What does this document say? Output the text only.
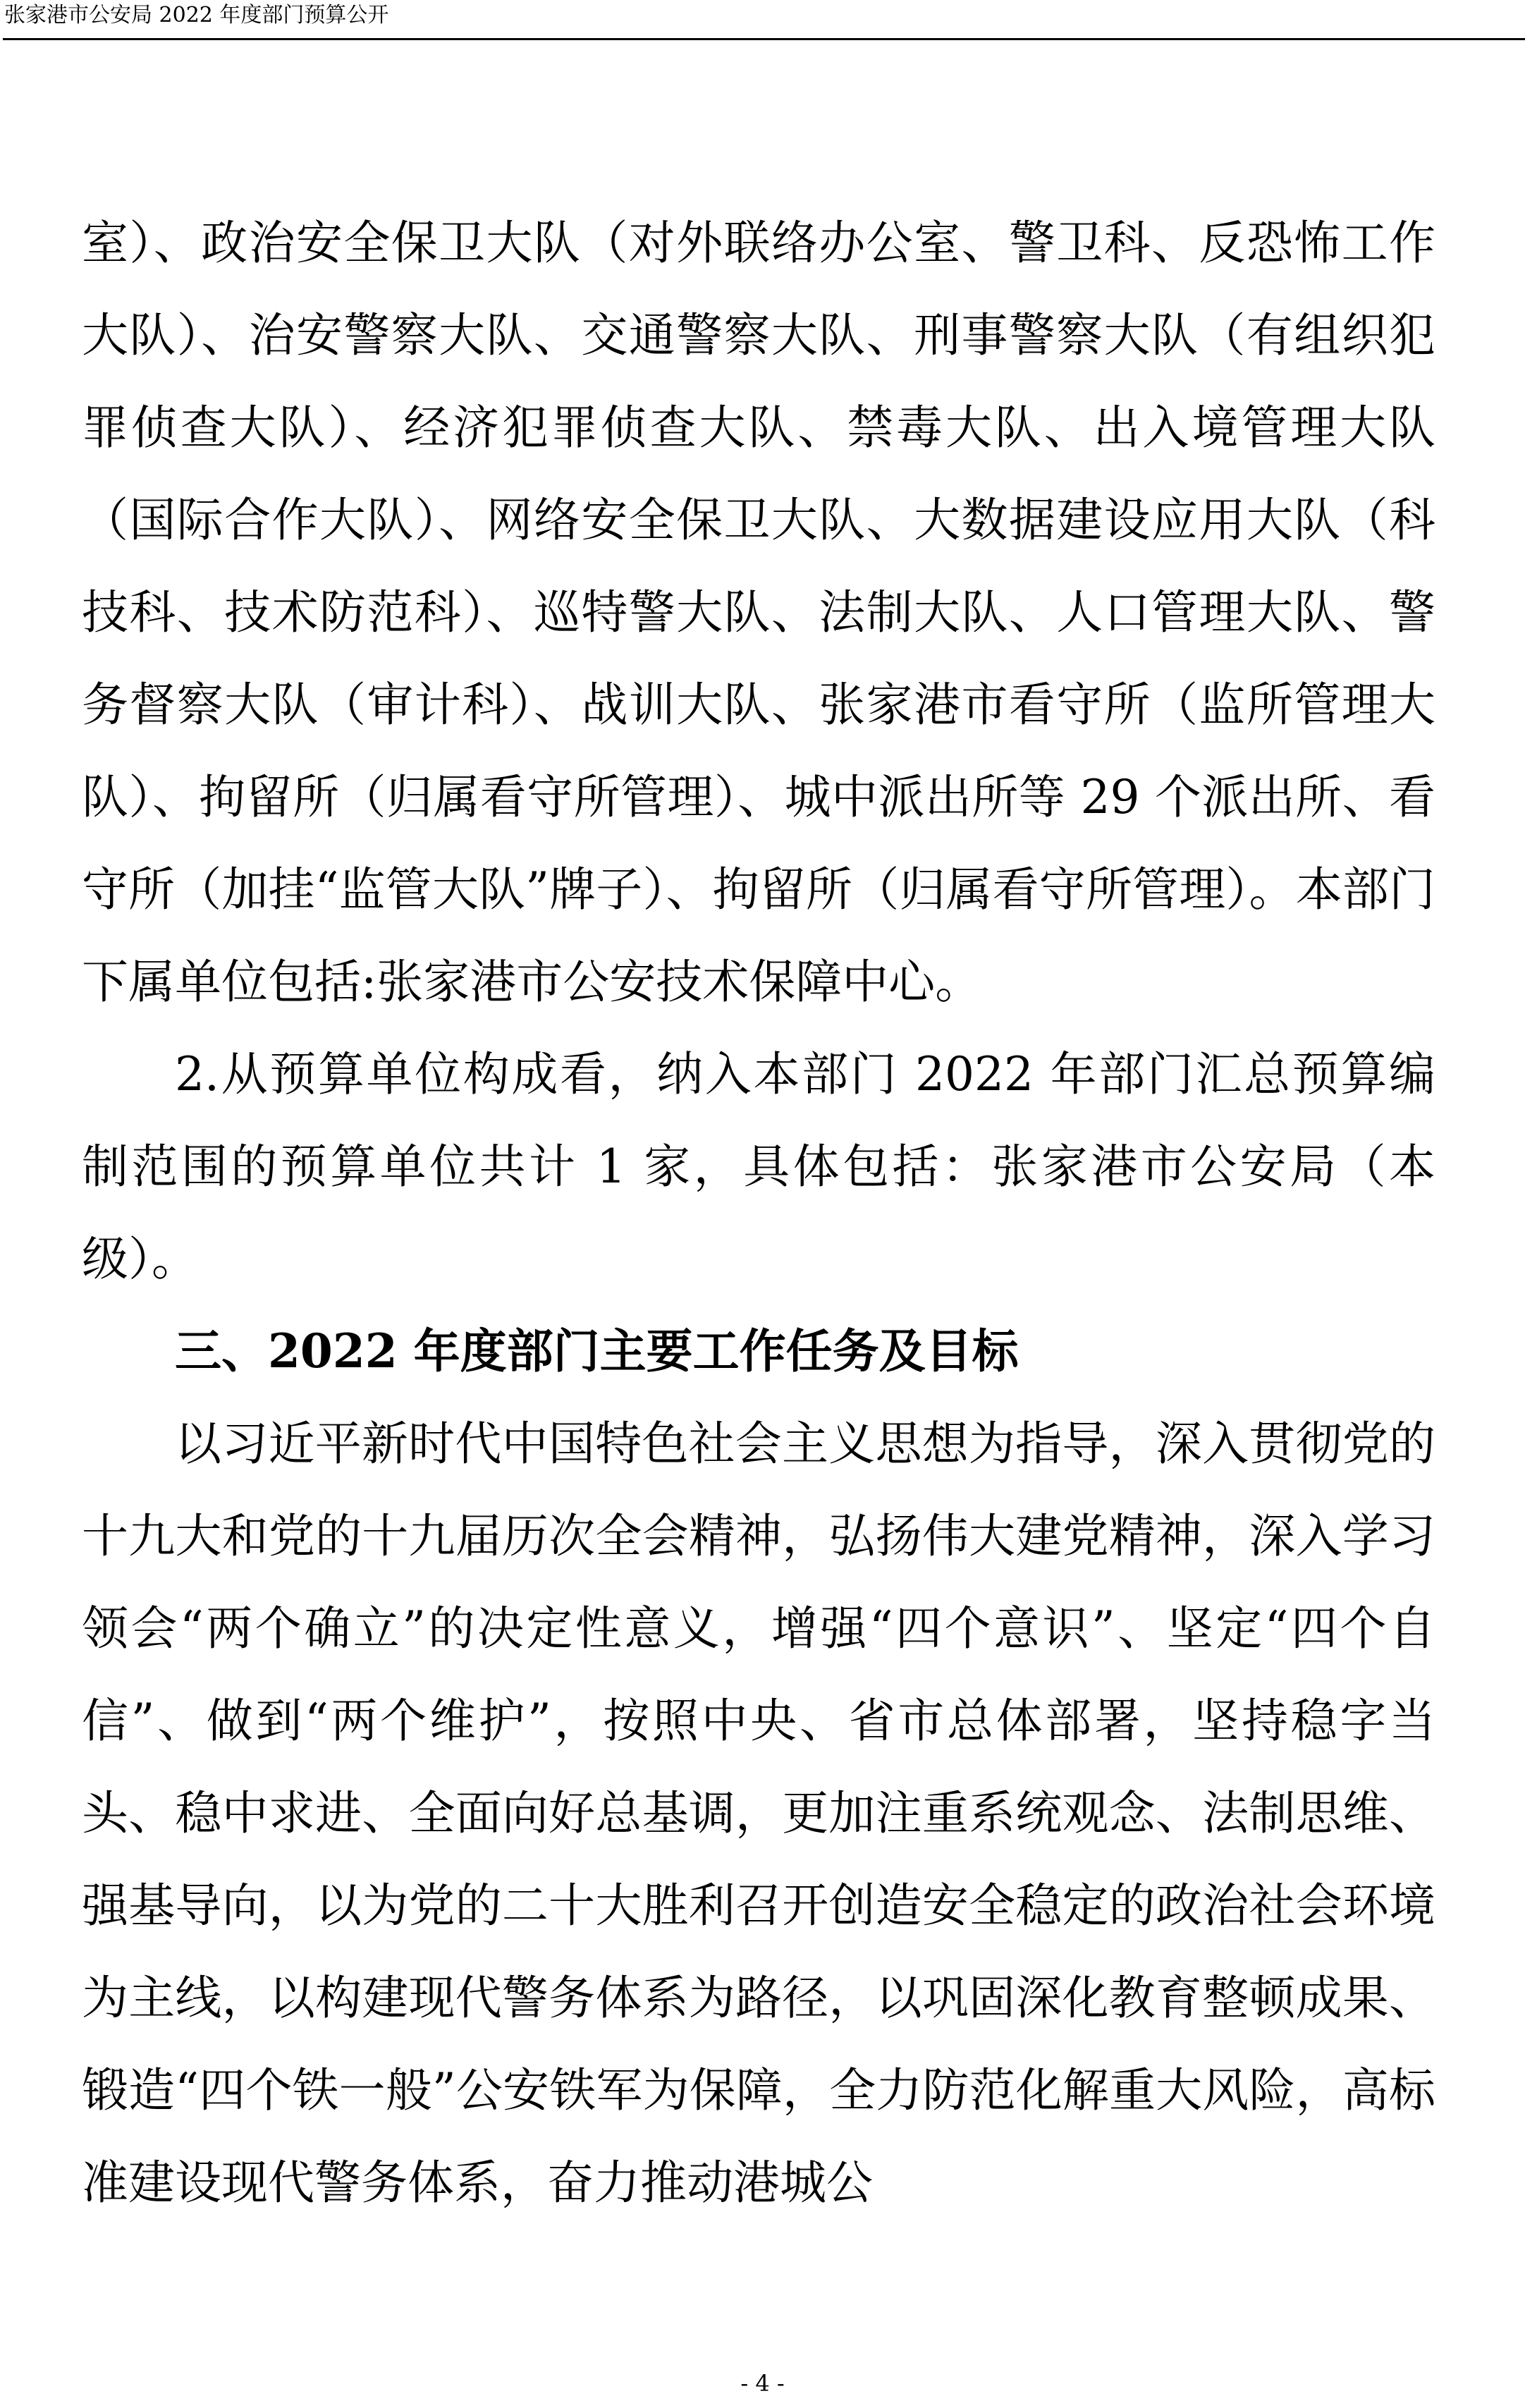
张家港市公安局 2022 年度部门预算公开

室）、政治安全保卫大队（对外联络办公室、警卫科、反恐怖工作大队）、治安警察大队、交通警察大队、刑事警察大队（有组织犯罪侦查大队）、经济犯罪侦查大队、禁毒大队、出入境管理大队（国际合作大队）、网络安全保卫大队、大数据建设应用大队（科技科、技术防范科）、巡特警大队、法制大队、人口管理大队、警务督察大队（审计科）、战训大队、张家港市看守所（监所管理大队）、拘留所（归属看守所管理）、城中派出所等 29 个派出所、看守所（加挂“监管大队”牌子）、拘留所（归属看守所管理）。本部门下属单位包括:张家港市公安技术保障中心。

2.从预算单位构成看，纳入本部门 2022 年部门汇总预算编制范围的预算单位共计 1 家，具体包括：张家港市公安局（本级）。

三、2022 年度部门主要工作任务及目标

以习近平新时代中国特色社会主义思想为指导，深入贯彻党的十九大和党的十九届历次全会精神，弘扬伟大建党精神，深入学习领会“两个确立”的决定性意义，增强“四个意识”、坚定“四个自信”、做到“两个维护”，按照中央、省市总体部署，坚持稳字当头、稳中求进、全面向好总基调，更加注重系统观念、法制思维、强基导向，以为党的二十大胜利召开创造安全稳定的政治社会环境为主线，以构建现代警务体系为路径，以巩固深化教育整顿成果、锻造“四个铁一般”公安铁军为保障，全力防范化解重大风险，高标准建设现代警务体系，奋力推动港城公

- 4 -
